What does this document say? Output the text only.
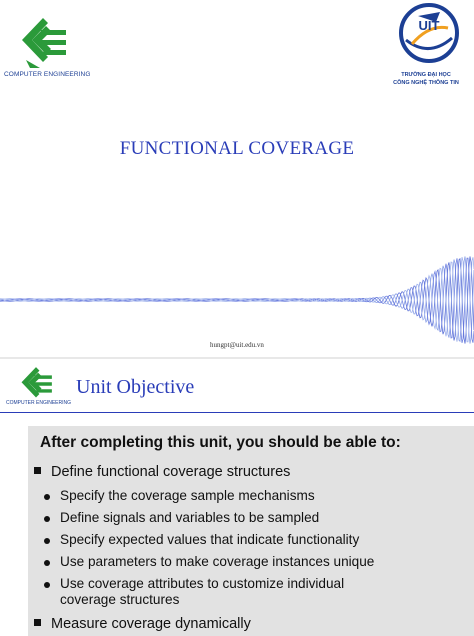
COMPUTER ENGINEERING
UIT
TRƯỜNG ĐẠI HỌC
CÔNG NGHỆ THÔNG TIN
FUNCTIONAL COVERAGE
hungpt@uit.edu.vn
COMPUTER ENGINEERING
Unit Objective
After completing this unit, you should be able to:
Define functional coverage structures
Specify the coverage sample mechanisms
Define signals and variables to be sampled
Specify expected values that indicate functionality
Use parameters to make coverage instances unique
Use coverage attributes to customize individual
coverage structures
Measure coverage dynamically
